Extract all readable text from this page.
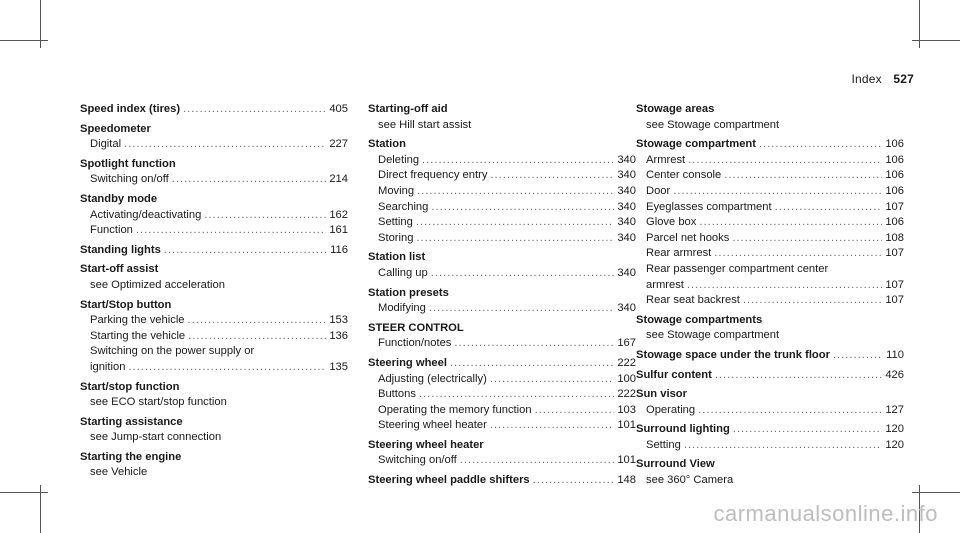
Index 527
Speed index (tires) .....	405
Speedometer
Digital .....	227
Spotlight function
Switching on/off .....	214
Standby mode
Activating/deactivating .....	162
Function .....	161
Standing lights .....	116
Start-off assist
see Optimized acceleration
Start/Stop button
Parking the vehicle .....	153
Starting the vehicle .....	136
Switching on the power supply or
ignition .....	135
Start/stop function
see ECO start/stop function
Starting assistance
see Jump-start connection
Starting the engine
see Vehicle
Starting-off aid
see Hill start assist
Station
Deleting .....	340
Direct frequency entry .....	340
Moving .....	340
Searching .....	340
Setting .....	340
Storing .....	340
Station list
Calling up .....	340
Station presets
Modifying .....	340
STEER CONTROL
Function/notes .....	167
Steering wheel .....	222
Adjusting (electrically) .....	100
Buttons .....	222
Operating the memory function .....	103
Steering wheel heater .....	101
Steering wheel heater
Switching on/off .....	101
Steering wheel paddle shifters .....	148
Stowage areas
see Stowage compartment
Stowage compartment .....	106
Armrest .....	106
Center console .....	106
Door .....	106
Eyeglasses compartment .....	107
Glove box .....	106
Parcel net hooks .....	108
Rear armrest .....	107
Rear passenger compartment center
armrest .....	107
Rear seat backrest .....	107
Stowage compartments
see Stowage compartment
Stowage space under the trunk floor .....	110
Sulfur content .....	426
Sun visor
Operating .....	127
Surround lighting .....	120
Setting .....	120
Surround View
see 360° Camera
carmanualsonline.info
